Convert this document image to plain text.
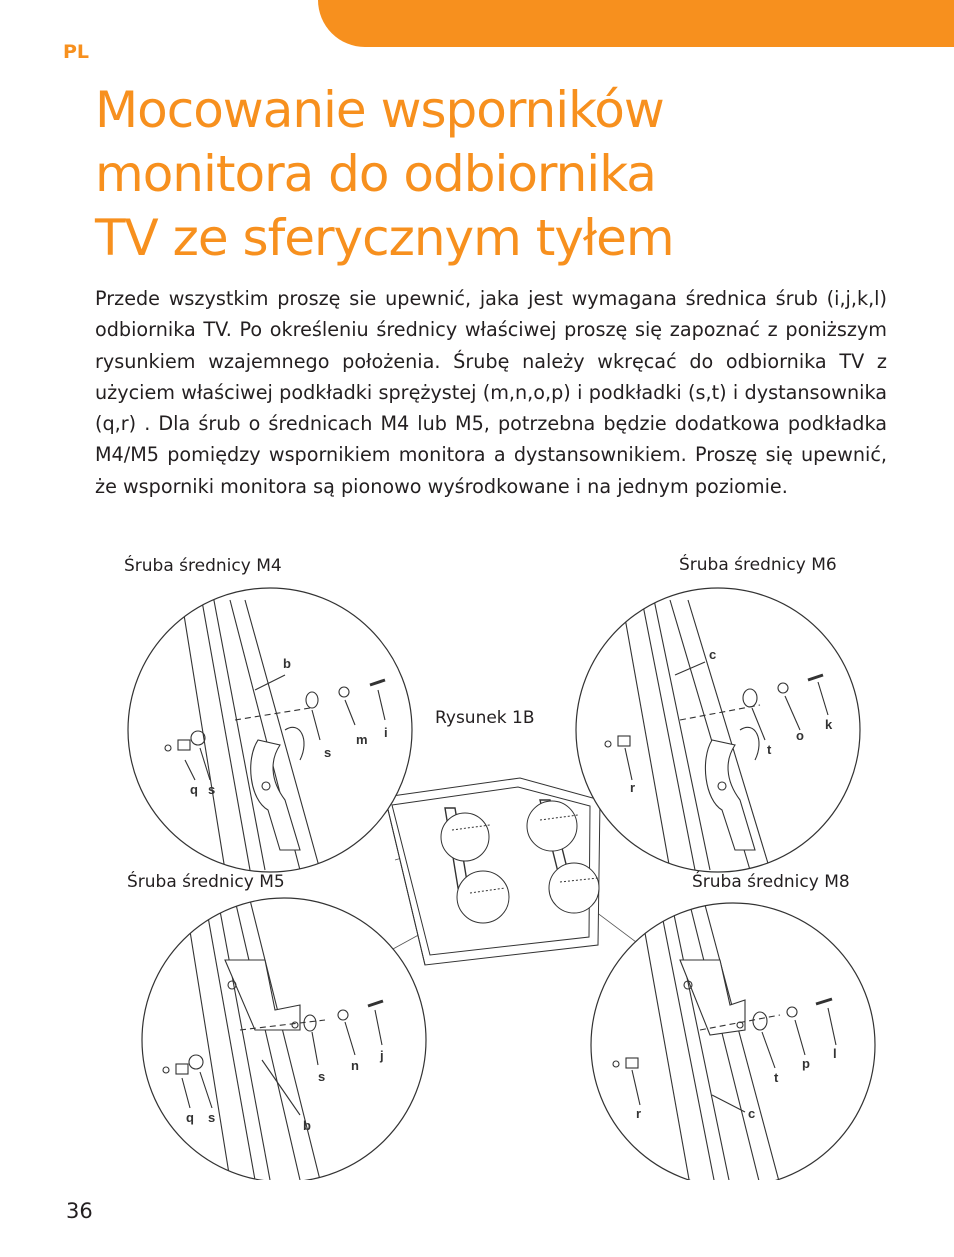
PL
Mocowanie wsporników
monitora do odbiornika
TV ze sferycznym tyłem

Przede wszystkim proszę sie upewnić, jaka jest wymagana średnica śrub (i,j,k,l) odbiornika TV. Po określeniu średnicy właściwej proszę się zapoznać z poniższym rysunkiem wzajemnego położenia. Śrubę należy wkręcać do odbiornika TV z użyciem właściwej podkładki sprężystej (m,n,o,p) i podkładki (s,t) i dystansownika (q,r) . Dla śrub o średnicach M4 lub M5, potrzebna będzie dodatkowa podkładka M4/M5 pomiędzy wspornikiem monitora a dystansownikiem. Proszę się upewnić, że wsporniki monitora są pionowo wyśrodkowane i na jednym poziomie.

Śruba średnicy M4	Śruba średnicy M6
Rysunek 1B
Śruba średnicy M5	Śruba średnicy M8
b
s
m i
q s
c
o
k
t
r
s
n
j
q s
b
p
l
t
r	c
36
